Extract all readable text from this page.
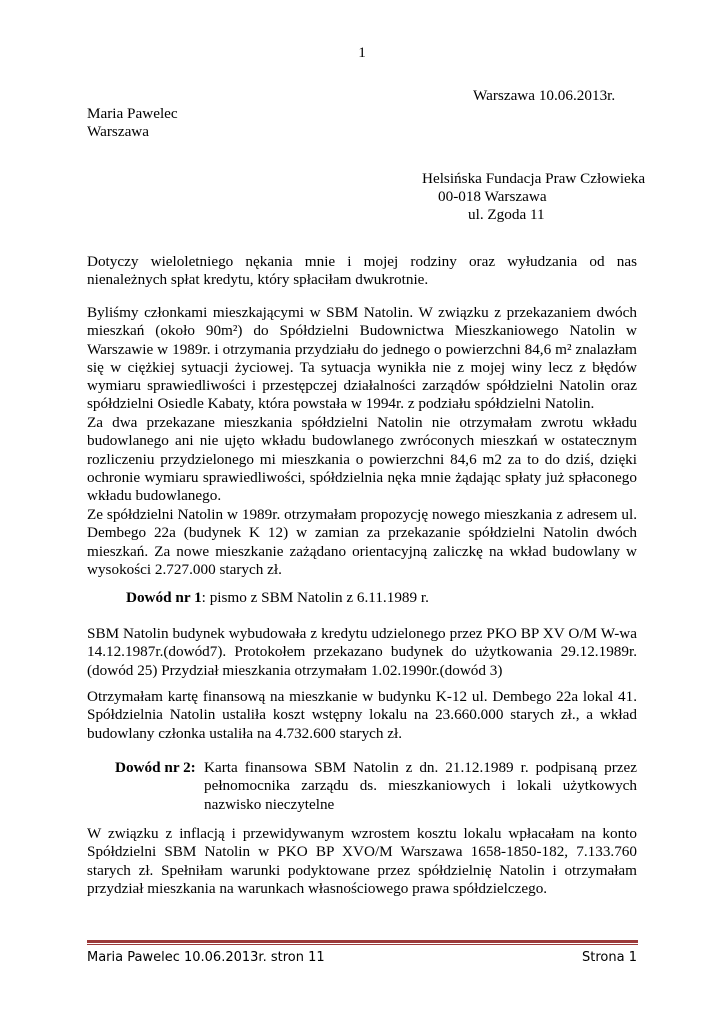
1
Warszawa 10.06.2013r.
Maria Pawelec
Warszawa
Helsińska Fundacja Praw Człowieka
00-018 Warszawa
ul. Zgoda 11

Dotyczy wieloletniego nękania mnie i mojej rodziny oraz wyłudzania od nas nienależnych spłat kredytu, który spłaciłam dwukrotnie.

Byliśmy członkami mieszkającymi w SBM Natolin. W związku z przekazaniem dwóch mieszkań (około 90m²) do Spółdzielni Budownictwa Mieszkaniowego Natolin w Warszawie w 1989r. i otrzymania przydziału do jednego o powierzchni 84,6 m² znalazłam się w ciężkiej sytuacji życiowej. Ta sytuacja wynikła nie z mojej winy lecz z błędów wymiaru sprawiedliwości i przestępczej działalności zarządów spółdzielni Natolin oraz spółdzielni Osiedle Kabaty, która powstała w 1994r. z podziału spółdzielni Natolin.

Za dwa przekazane mieszkania spółdzielni Natolin nie otrzymałam zwrotu wkładu budowlanego ani nie ujęto wkładu budowlanego zwróconych mieszkań w ostatecznym rozliczeniu przydzielonego mi mieszkania o powierzchni 84,6 m2 za to do dziś, dzięki ochronie wymiaru sprawiedliwości, spółdzielnia nęka mnie żądając spłaty już spłaconego wkładu budowlanego.

Ze spółdzielni Natolin w 1989r. otrzymałam propozycję nowego mieszkania z adresem ul. Dembego 22a (budynek K 12) w zamian za przekazanie spółdzielni Natolin dwóch mieszkań. Za nowe mieszkanie zażądano orientacyjną zaliczkę na wkład budowlany w wysokości 2.727.000 starych zł.

Dowód nr 1: pismo z SBM Natolin z 6.11.1989 r.

SBM Natolin budynek wybudowała z kredytu udzielonego przez PKO BP XV O/M W-wa 14.12.1987r.(dowód7). Protokołem przekazano budynek do użytkowania 29.12.1989r.(dowód 25) Przydział mieszkania otrzymałam 1.02.1990r.(dowód 3)

Otrzymałam kartę finansową na mieszkanie w budynku K-12 ul. Dembego 22a lokal 41. Spółdzielnia Natolin ustaliła koszt wstępny lokalu na 23.660.000 starych zł., a wkład budowlany członka ustaliła na 4.732.600 starych zł.

Dowód nr 2: Karta finansowa SBM Natolin z dn. 21.12.1989 r. podpisaną przez pełnomocnika zarządu ds. mieszkaniowych i lokali użytkowych nazwisko nieczytelne

W związku z inflacją i przewidywanym wzrostem kosztu lokalu wpłacałam na konto Spółdzielni SBM Natolin w PKO BP XVO/M Warszawa 1658-1850-182, 7.133.760 starych zł. Spełniłam warunki podyktowane przez spółdzielnię Natolin i otrzymałam przydział mieszkania na warunkach własnościowego prawa spółdzielczego.

Maria Pawelec 10.06.2013r. stron 11	Strona 1
